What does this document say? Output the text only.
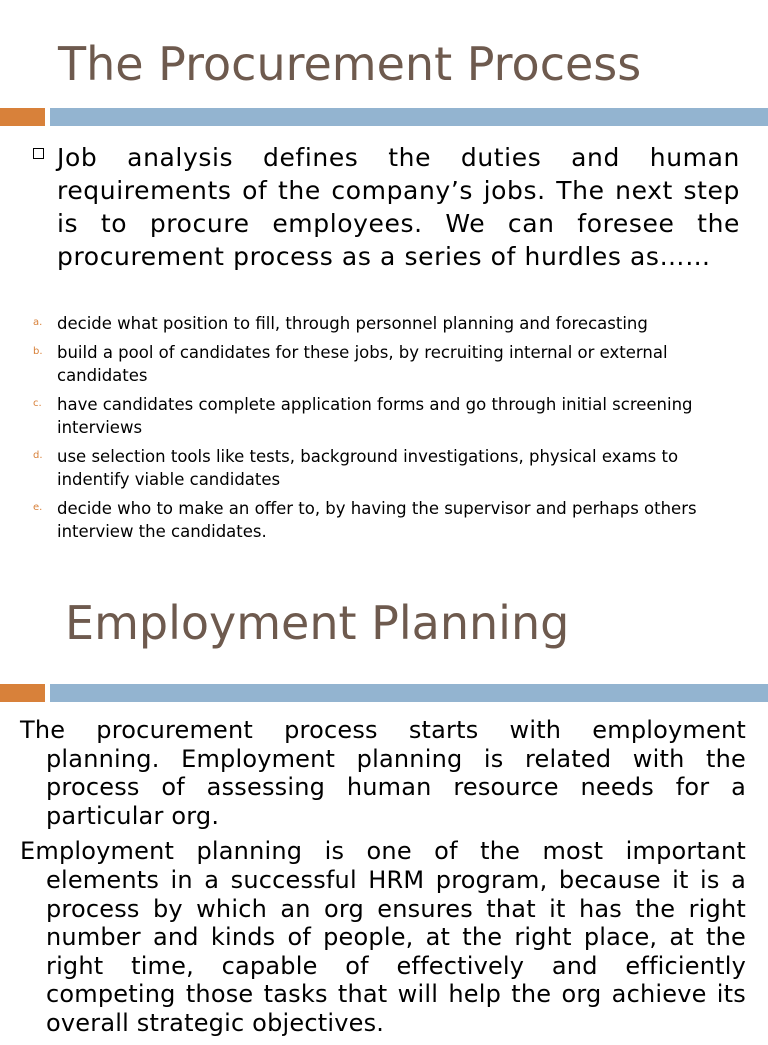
The Procurement Process
Job analysis defines the duties and human requirements of the company’s jobs. The next step is to procure employees. We can foresee the procurement process as a series of hurdles as……
a. decide what position to fill, through personnel planning and forecasting
b. build a pool of candidates for these jobs, by recruiting internal or external candidates
c. have candidates complete application forms and go through initial screening interviews
d. use selection tools like tests, background investigations, physical exams to indentify viable candidates
e. decide who to make an offer to, by having the supervisor and perhaps others interview the candidates.
Employment Planning

The procurement process starts with employment planning. Employment planning is related with the process of assessing human resource needs for a particular org.

Employment planning is one of the most important elements in a successful HRM program, because it is a process by which an org ensures that it has the right number and kinds of people, at the right place, at the right time, capable of effectively and efficiently competing those tasks that will help the org achieve its overall strategic objectives.
